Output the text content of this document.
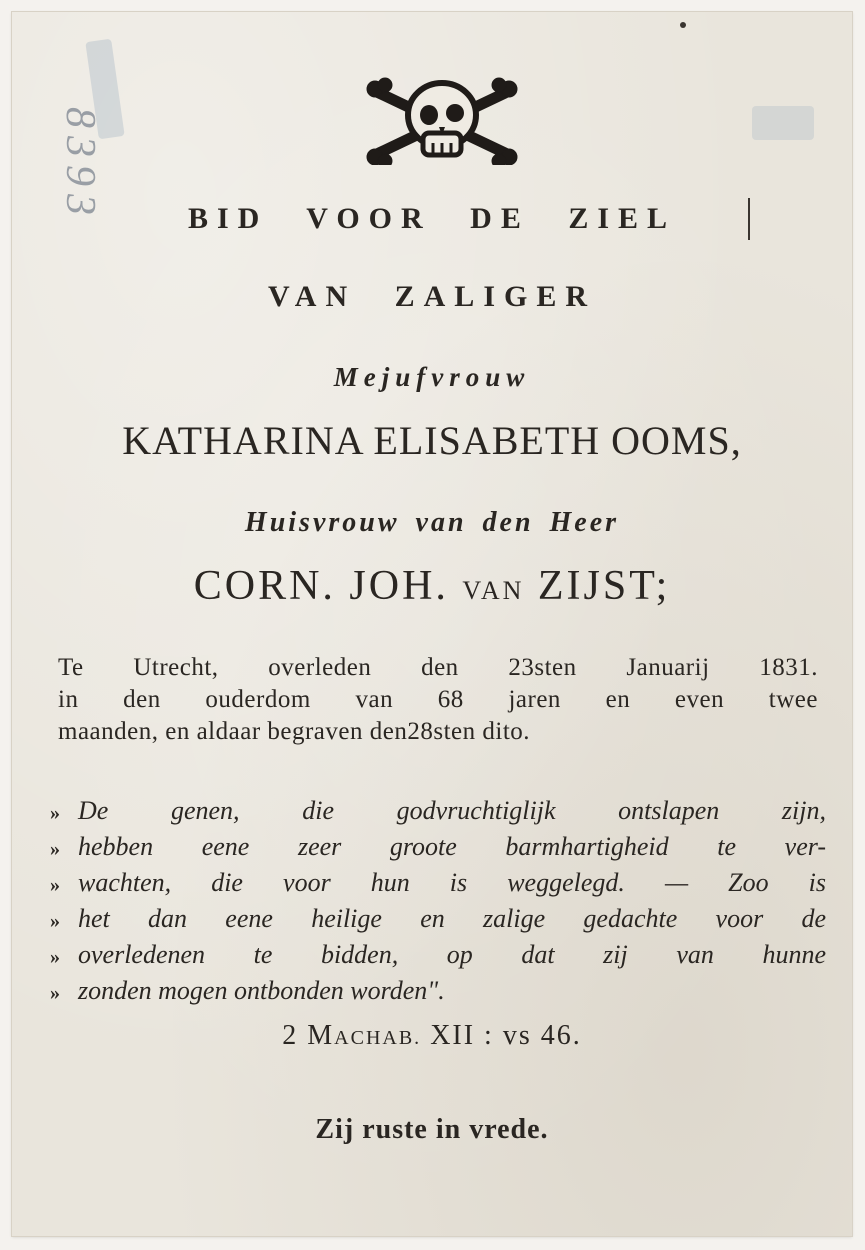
8393	BID VOOR DE ZIEL
VAN ZALIGER
Mejufvrouw
KATHARINA ELISABETH OOMS,
Huisvrouw van den Heer
CORN. JOH. VAN ZIJST;
Te Utrecht, overleden den 23sten Januarij 1831.
in den ouderdom van 68 jaren en even twee
maanden, en aldaar begraven den28sten dito.
» De genen, die godvruchtiglijk ontslapen zijn,
» hebben eene zeer groote barmhartigheid te ver-
» wachten, die voor hun is weggelegd. — Zoo is
» het dan eene heilige en zalige gedachte voor de
» overledenen te bidden, op dat zij van hunne
» zonden mogen ontbonden worden".
2 MACHAB. XII : vs 46.
Zij ruste in vrede.
